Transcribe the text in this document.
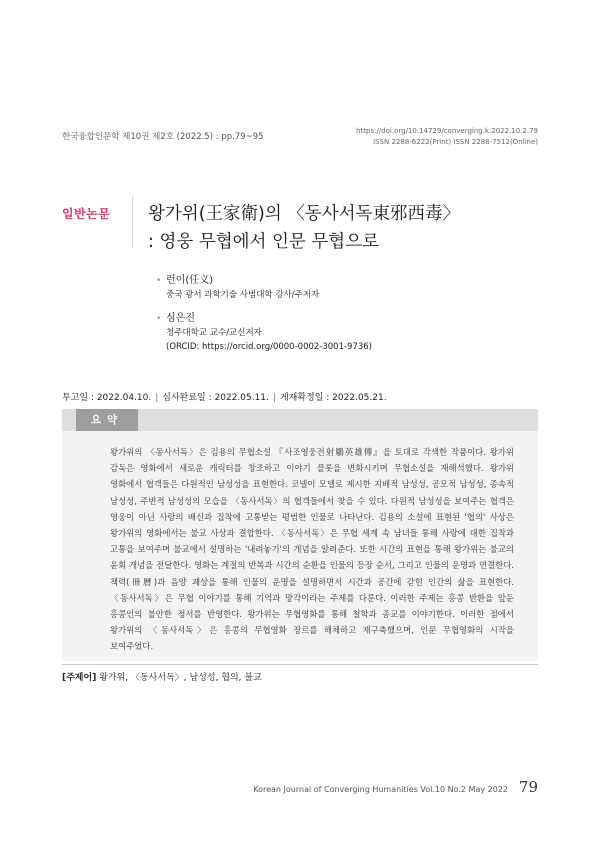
한국융합인문학 제10권 제2호 (2022.5) : pp.79~95
https://doi.org/10.14729/converging.k.2022.10.2.79
ISSN 2288-6222(Print) ISSN 2288-7512(Online)
일반논문 왕가위(王家衛)의 〈동사서독東邪西毒〉
: 영웅 무협에서 인문 무협으로
• 런이(任义)
중국 광서 과학기술 사범대학 강사/주저자
• 심은진
청주대학교 교수/교신저자
(ORCID: https://orcid.org/0000-0002-3001-9736)
투고일 : 2022.04.10. | 심사완료일 : 2022.05.11. | 게재확정일 : 2022.05.21.
요약
왕가위의 〈동사서독〉은 김용의 무협소설 『사조영웅전射鵰英雄傳』을 토대로 각색한 작품이다. 왕가위 감독은 영화에서 새로운 캐릭터를 창조하고 이야기 플롯을 변화시키며 무협소설을 재해석했다. 왕가위 영화에서 협객들은 다원적인 남성성을 표현한다. 코넬이 모델로 제시한 지배적 남성성, 공모적 남성성, 종속적 남성성, 주변적 남성성의 모습을 〈동사서독〉의 협객들에서 찾을 수 있다. 다원적 남성성을 보여주는 협객은 영웅이 아닌 사랑의 배신과 집착에 고통받는 평범한 인물로 나타난다. 김용의 소설에 표현된 '협의' 사상은 왕가위의 영화에서는 불교 사상과 결합한다. 〈동사서독〉은 무협 세계 속 남녀들 통해 사랑에 대한 집착과 고통을 보여주며 불교에서 설명하는 '내려놓기'의 개념을 알려준다. 또한 시간의 표현을 통해 왕가위는 불교의 윤회 개념을 전달한다. 영화는 계절의 반복과 시간의 순환을 인물의 등장 순서, 그리고 인물의 운명과 연결한다. 책력(冊曆)과 음양 괘상을 통해 인물의 운명을 설명하면서 시간과 공간에 갇힌 인간의 삶을 표현한다. 〈동사서독〉은 무협 이야기를 통해 기억과 망각이라는 주제를 다룬다. 이러한 주제는 홍콩 반환을 앞둔 홍콩인의 불안한 정서를 반영한다. 왕가위는 무협영화를 통해 철학과 종교를 이야기한다. 이러한 점에서 왕가위의 〈동사서독〉은 홍콩의 무협영화 장르를 해체하고 재구축했으며, 인문 무협영화의 시작을 보여주었다.
[주제어] 왕가위, 〈동사서독〉, 남성성, 협의, 불교
Korean Journal of Converging Humanities Vol.10 No.2 May 2022 79
